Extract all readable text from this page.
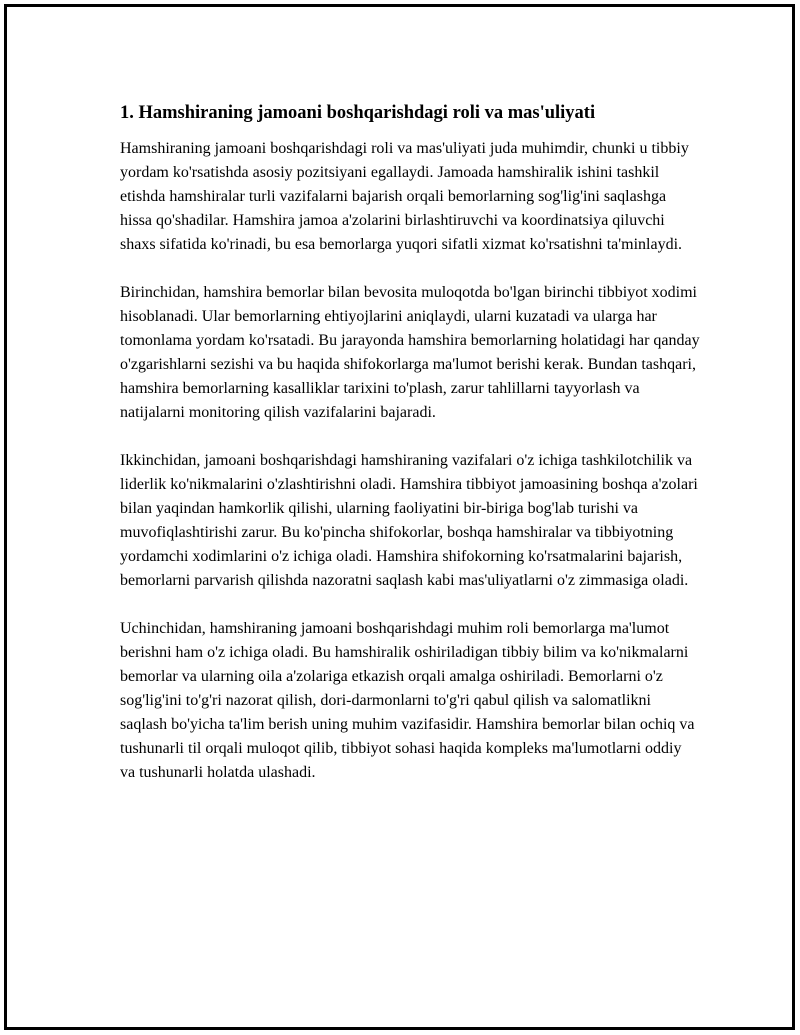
1. Hamshiraning jamoani boshqarishdagi roli va mas'uliyati

Hamshiraning jamoani boshqarishdagi roli va mas'uliyati juda muhimdir, chunki u tibbiy yordam ko'rsatishda asosiy pozitsiyani egallaydi. Jamoada hamshiralik ishini tashkil etishda hamshiralar turli vazifalarni bajarish orqali bemorlarning sog'lig'ini saqlashga hissa qo'shadilar. Hamshira jamoa a'zolarini birlashtiruvchi va koordinatsiya qiluvchi shaxs sifatida ko'rinadi, bu esa bemorlarga yuqori sifatli xizmat ko'rsatishni ta'minlaydi.

Birinchidan, hamshira bemorlar bilan bevosita muloqotda bo'lgan birinchi tibbiyot xodimi hisoblanadi. Ular bemorlarning ehtiyojlarini aniqlaydi, ularni kuzatadi va ularga har tomonlama yordam ko'rsatadi. Bu jarayonda hamshira bemorlarning holatidagi har qanday o'zgarishlarni sezishi va bu haqida shifokorlarga ma'lumot berishi kerak. Bundan tashqari, hamshira bemorlarning kasalliklar tarixini to'plash, zarur tahlillarni tayyorlash va natijalarni monitoring qilish vazifalarini bajaradi.

Ikkinchidan, jamoani boshqarishdagi hamshiraning vazifalari o'z ichiga tashkilotchilik va liderlik ko'nikmalarini o'zlashtirishni oladi. Hamshira tibbiyot jamoasining boshqa a'zolari bilan yaqindan hamkorlik qilishi, ularning faoliyatini bir-biriga bog'lab turishi va muvofiqlashtirishi zarur. Bu ko'pincha shifokorlar, boshqa hamshiralar va tibbiyotning yordamchi xodimlarini o'z ichiga oladi. Hamshira shifokorning ko'rsatmalarini bajarish, bemorlarni parvarish qilishda nazoratni saqlash kabi mas'uliyatlarni o'z zimmasiga oladi.

Uchinchidan, hamshiraning jamoani boshqarishdagi muhim roli bemorlarga ma'lumot berishni ham o'z ichiga oladi. Bu hamshiralik oshiriladigan tibbiy bilim va ko'nikmalarni bemorlar va ularning oila a'zolariga etkazish orqali amalga oshiriladi. Bemorlarni o'z sog'lig'ini to'g'ri nazorat qilish, dori-darmonlarni to'g'ri qabul qilish va salomatlikni saqlash bo'yicha ta'lim berish uning muhim vazifasidir. Hamshira bemorlar bilan ochiq va tushunarli til orqali muloqot qilib, tibbiyot sohasi haqida kompleks ma'lumotlarni oddiy va tushunarli holatda ulashadi.
